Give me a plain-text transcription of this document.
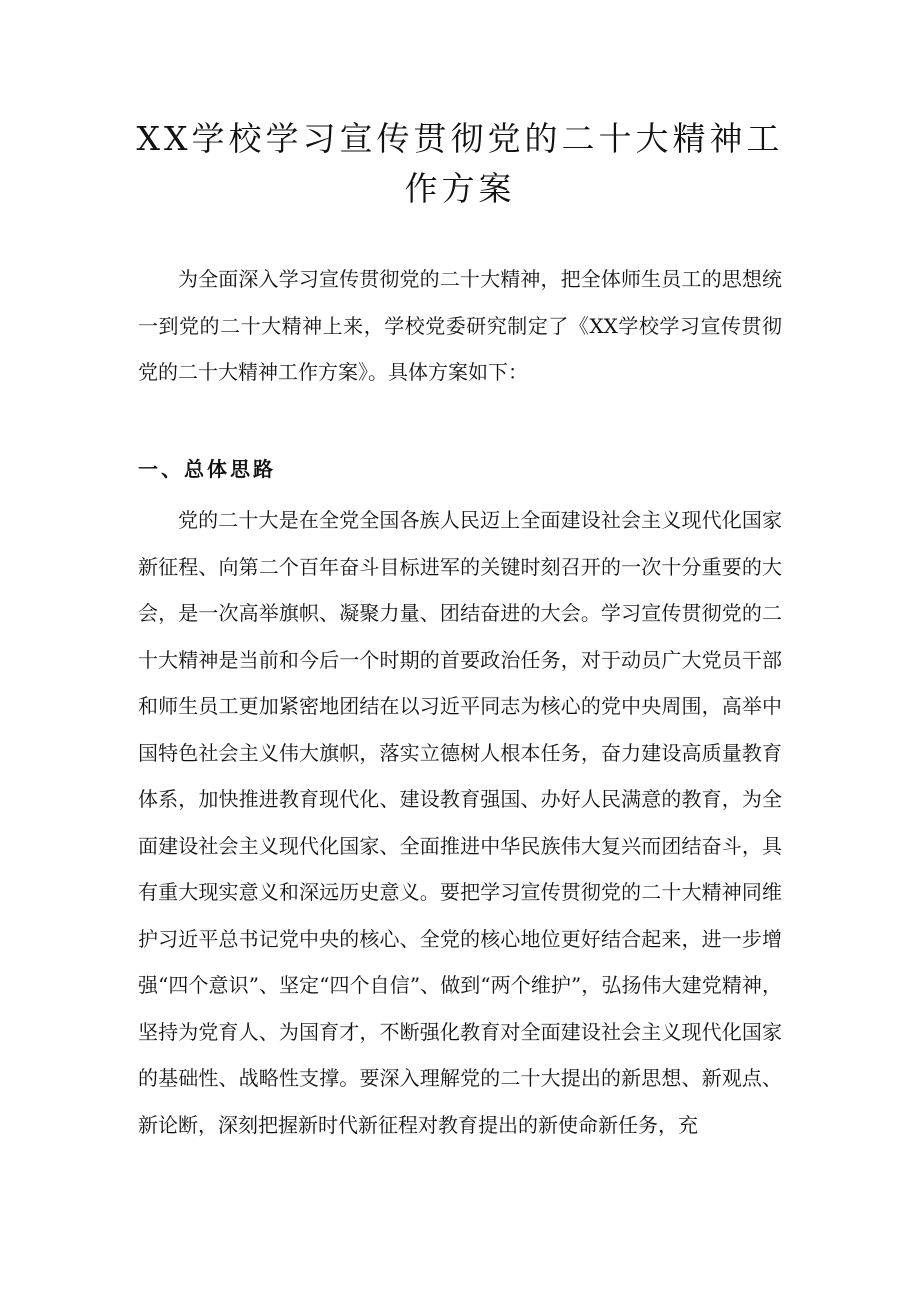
XX学校学习宣传贯彻党的二十大精神工作方案

为全面深入学习宣传贯彻党的二十大精神，把全体师生员工的思想统一到党的二十大精神上来，学校党委研究制定了《XX学校学习宣传贯彻党的二十大精神工作方案》。具体方案如下：

一、总体思路

党的二十大是在全党全国各族人民迈上全面建设社会主义现代化国家新征程、向第二个百年奋斗目标进军的关键时刻召开的一次十分重要的大会，是一次高举旗帜、凝聚力量、团结奋进的大会。学习宣传贯彻党的二十大精神是当前和今后一个时期的首要政治任务，对于动员广大党员干部和师生员工更加紧密地团结在以习近平同志为核心的党中央周围，高举中国特色社会主义伟大旗帜，落实立德树人根本任务，奋力建设高质量教育体系，加快推进教育现代化、建设教育强国、办好人民满意的教育，为全面建设社会主义现代化国家、全面推进中华民族伟大复兴而团结奋斗，具有重大现实意义和深远历史意义。要把学习宣传贯彻党的二十大精神同维护习近平总书记党中央的核心、全党的核心地位更好结合起来，进一步增强“四个意识”、坚定“四个自信”、做到“两个维护”，弘扬伟大建党精神，坚持为党育人、为国育才，不断强化教育对全面建设社会主义现代化国家的基础性、战略性支撑。要深入理解党的二十大提出的新思想、新观点、新论断，深刻把握新时代新征程对教育提出的新使命新任务，充
